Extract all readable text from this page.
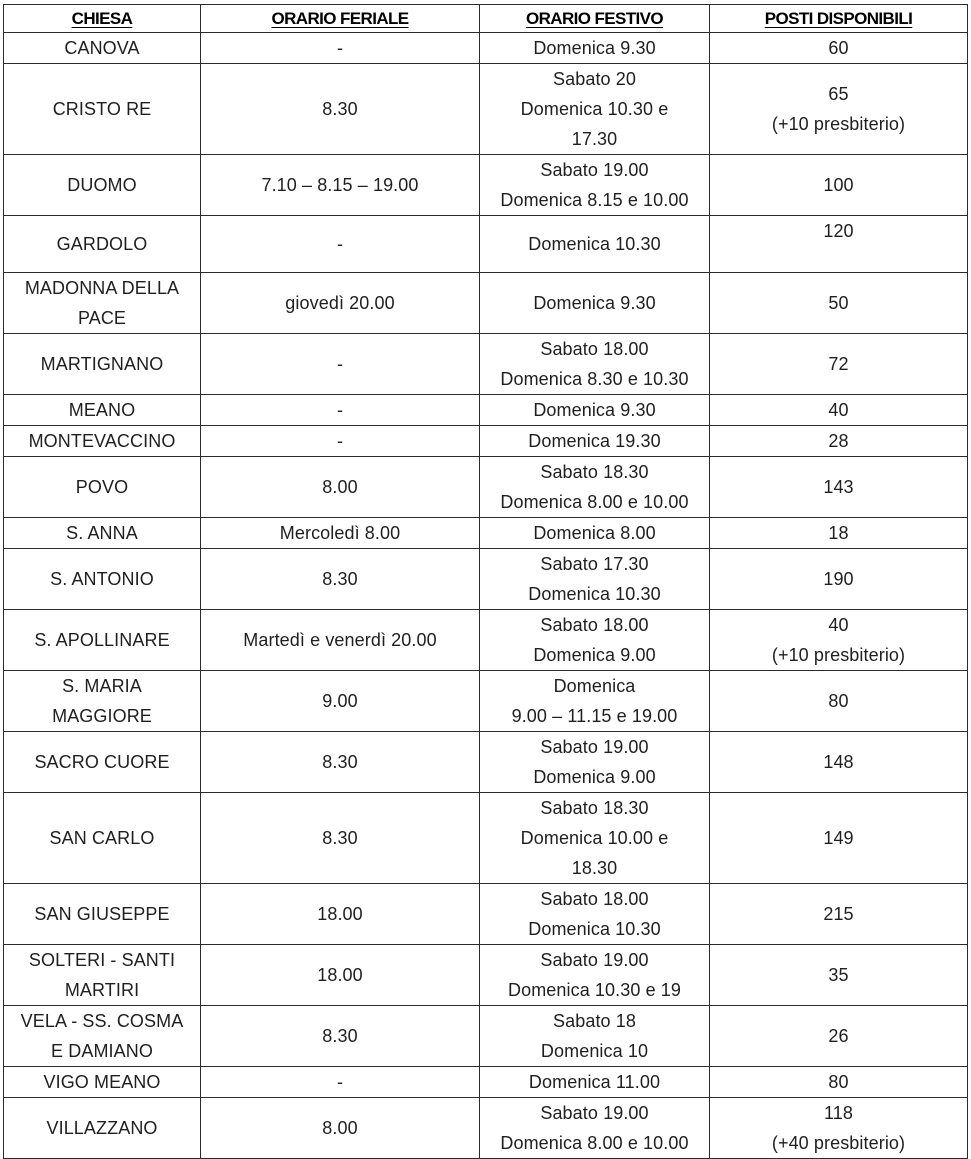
CHIESA	ORARIO FERIALE	ORARIO FESTIVO	POSTI DISPONIBILI

CANOVA	-	Domenica 9.30	60

CRISTO RE	8.30	Sabato 20
Domenica 10.30 e
17.30	65
(+10 presbiterio)

DUOMO	7.10 – 8.15 – 19.00	Sabato 19.00
Domenica 8.15 e 10.00	100

GARDOLO	-	Domenica 10.30	120

MADONNA DELLA
PACE	giovedì 20.00	Domenica 9.30	50

MARTIGNANO	-	Sabato 18.00
Domenica 8.30 e 10.30	72

MEANO	-	Domenica 9.30	40

MONTEVACCINO	-	Domenica 19.30	28

POVO	8.00	Sabato 18.30
Domenica 8.00 e 10.00	143

S. ANNA	Mercoledì 8.00	Domenica 8.00	18

S. ANTONIO	8.30	Sabato 17.30
Domenica 10.30	190

S. APOLLINARE	Martedì e venerdì 20.00	Sabato 18.00
Domenica 9.00	40
(+10 presbiterio)

S. MARIA
MAGGIORE	9.00	Domenica
9.00 – 11.15 e 19.00	80

SACRO CUORE	8.30	Sabato 19.00
Domenica 9.00	148

SAN CARLO	8.30	Sabato 18.30
Domenica 10.00 e
18.30	149

SAN GIUSEPPE	18.00	Sabato 18.00
Domenica 10.30	215

SOLTERI - SANTI
MARTIRI	18.00	Sabato 19.00
Domenica 10.30 e 19	35

VELA - SS. COSMA
E DAMIANO	8.30	Sabato 18
Domenica 10	26

VIGO MEANO	-	Domenica 11.00	80

VILLAZZANO	8.00	Sabato 19.00
Domenica 8.00 e 10.00	118
(+40 presbiterio)
